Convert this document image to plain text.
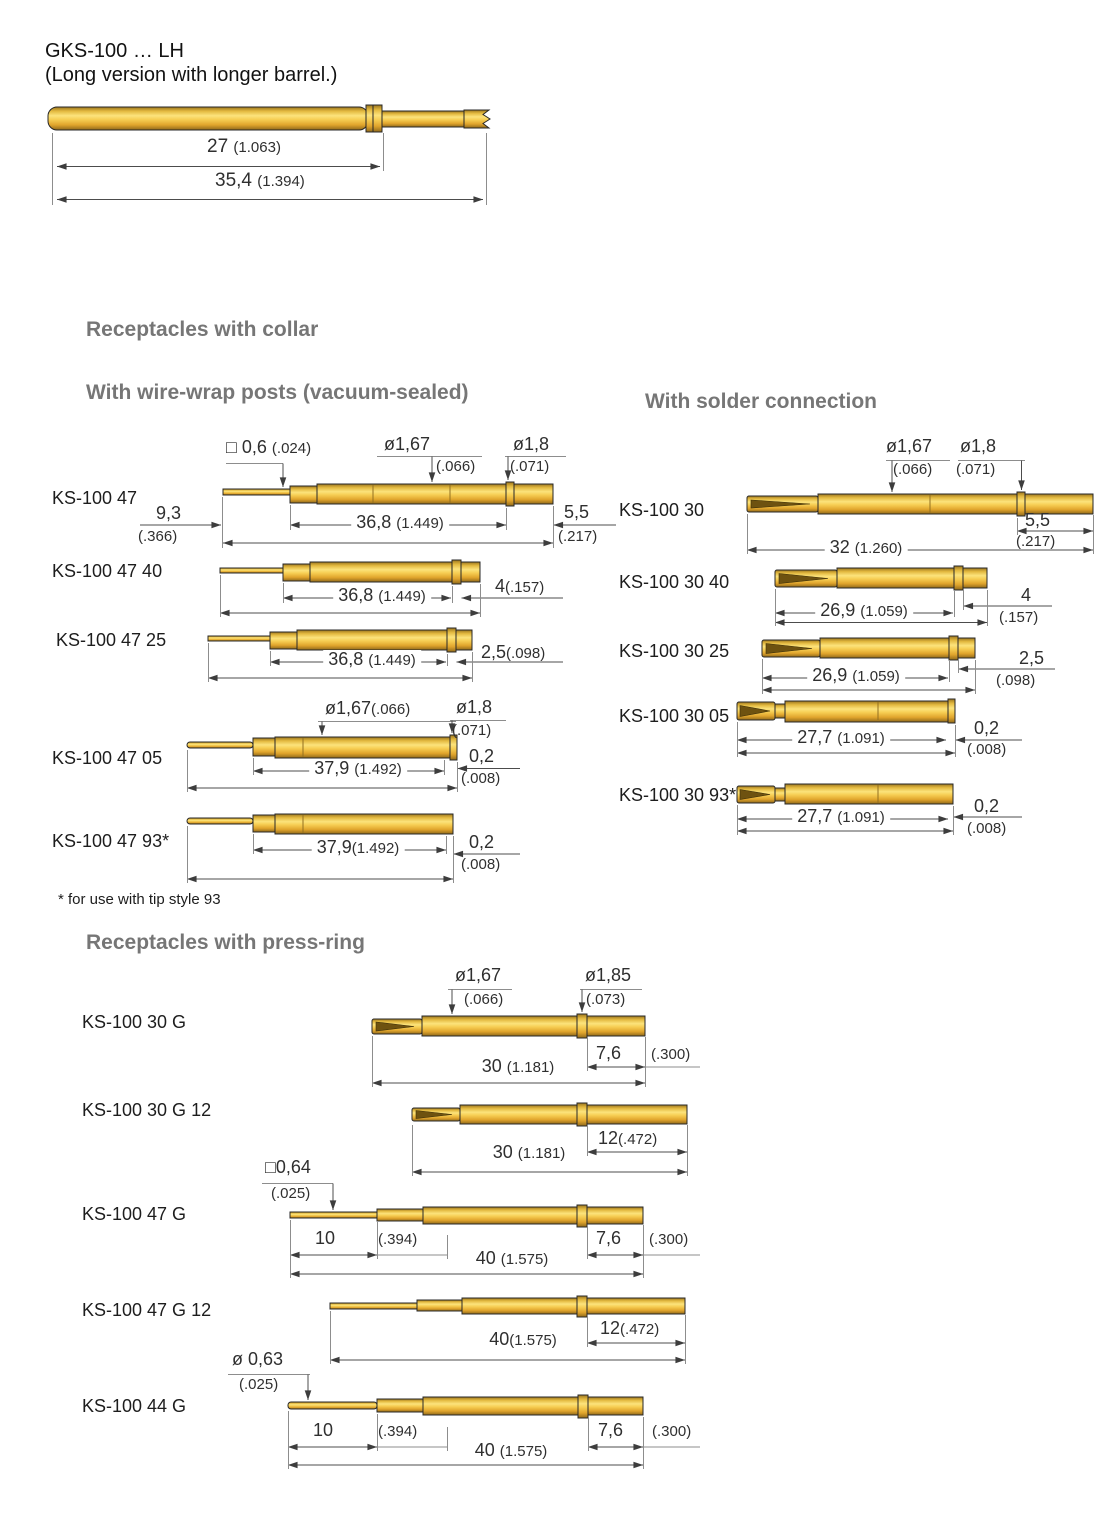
GKS-100 … LH
(Long version with longer barrel.)
27 (1.063)
35,4 (1.394)
Receptacles with collar
With wire-wrap posts (vacuum-sealed)	With solder connection
Receptacles with press-ring
* for use with tip style 93
KS-100 47
KS-100 47 40
KS-100 47 25
KS-100 47 05
KS-100 47 93*
□ 0,6 (.024)	ø1,67
(.066)
ø1,8
(.071)
9,3
(.366)
36,8 (1.449)
5,5
(.217)
36,8 (1.449)
4(.157)
36,8 (1.449)	2,5(.098)
ø1,67(.066)	ø1,8
(.071)
37,9 (1.492)
0,2
(.008)
37,9(1.492)	0,2
(.008)
KS-100 30
KS-100 30 40
KS-100 30 25
KS-100 30 05
KS-100 30 93*
ø1,67
(.066)
ø1,8
(.071)
32 (1.260)
5,5
(.217)
26,9 (1.059)
4
(.157)
26,9 (1.059)
2,5
(.098)
27,7 (1.091)
0,2
(.008)
27,7 (1.091)
0,2
(.008)
KS-100 30 G
KS-100 30 G 12
KS-100 47 G
KS-100 47 G 12
KS-100 44 G
ø1,67
(.066)
ø1,85
(.073)
7,6 (.300)
30 (1.181)
12(.472)
30 (1.181)
□0,64
(.025)
10	(.394)	7,6 (.300)
40 (1.575)
12(.472)
40(1.575)
ø 0,63
(.025)
10	(.394)	7,6 (.300)
40 (1.575)
